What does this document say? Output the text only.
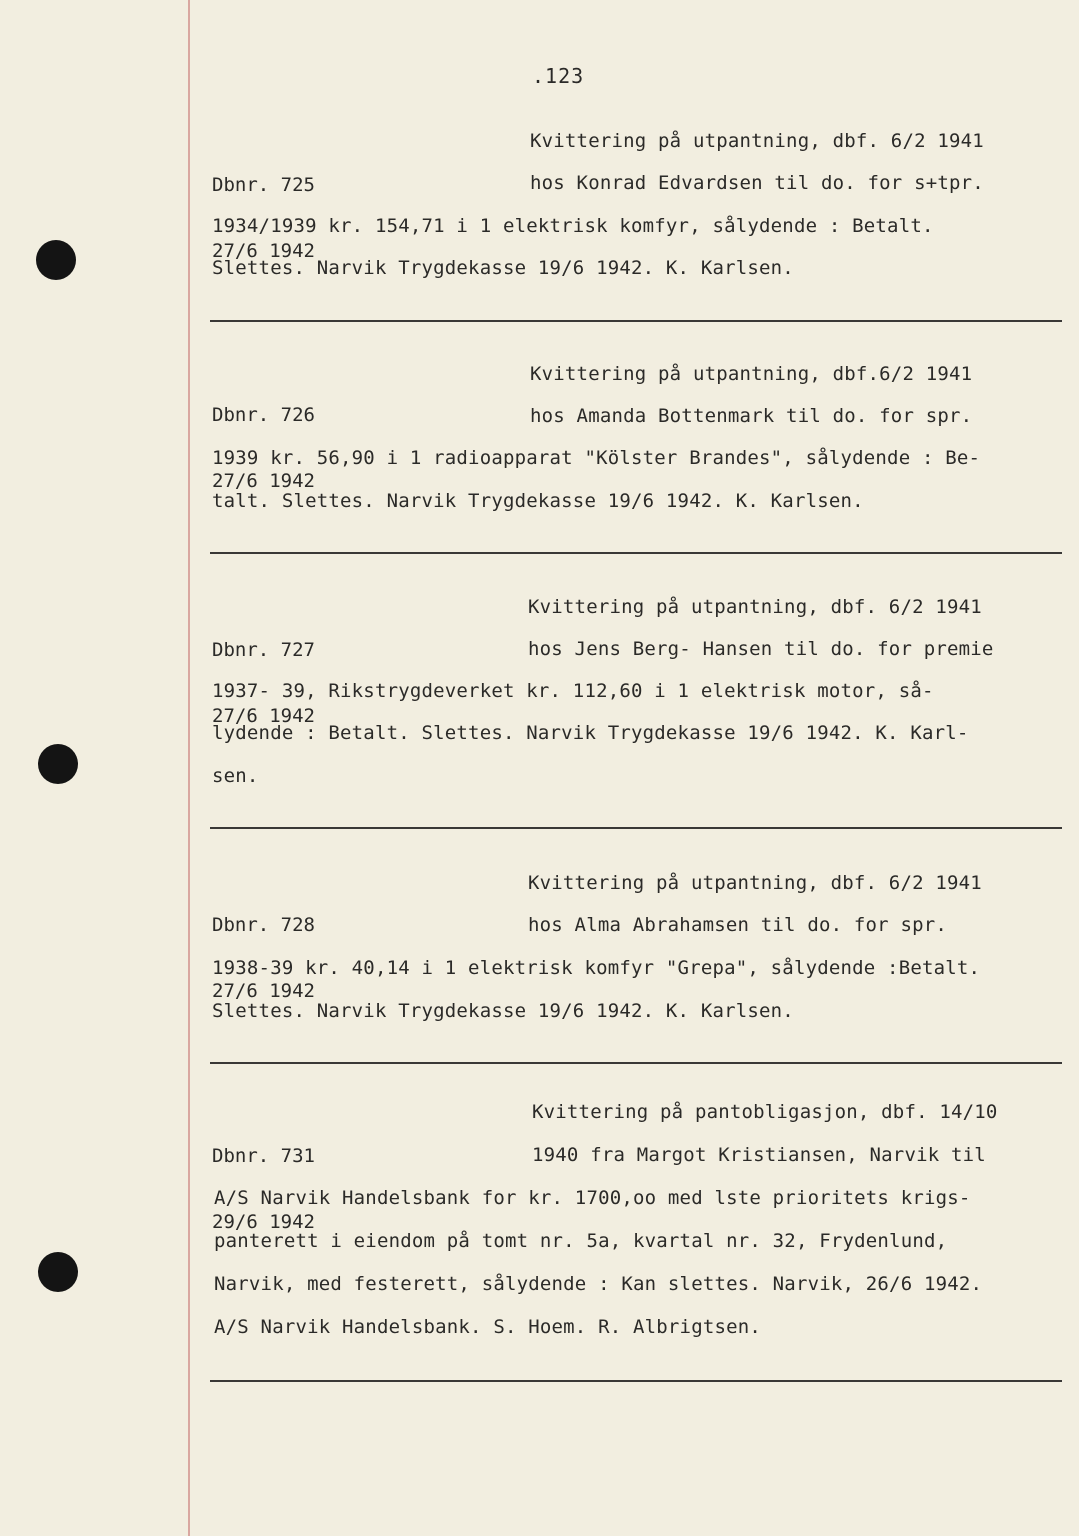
.123

Dbnr. 725

27/6 1942

Kvittering på utpantning, dbf. 6/2 1941
hos Konrad Edvardsen til do. for s+tpr.
1934/1939 kr. 154,71 i 1 elektrisk komfyr, sålydende : Betalt.
Slettes. Narvik Trygdekasse 19/6 1942. K. Karlsen.

Dbnr. 726

27/6 1942

Kvittering på utpantning, dbf.6/2 1941
hos Amanda Bottenmark til do. for spr.
1939 kr. 56,90 i 1 radioapparat "Kölster Brandes", sålydende : Be-
talt. Slettes. Narvik Trygdekasse 19/6 1942. K. Karlsen.

Dbnr. 727

27/6 1942

Kvittering på utpantning, dbf. 6/2 1941
hos Jens Berg- Hansen til do. for premie
1937- 39, Rikstrygdeverket kr. 112,60 i 1 elektrisk motor, så-
lydende : Betalt. Slettes. Narvik Trygdekasse 19/6 1942. K. Karl-
sen.

Dbnr. 728

27/6 1942

Kvittering på utpantning, dbf. 6/2 1941
hos Alma Abrahamsen til do. for spr.
1938-39 kr. 40,14 i 1 elektrisk komfyr "Grepa", sålydende :Betalt.
Slettes. Narvik Trygdekasse 19/6 1942. K. Karlsen.

Dbnr. 731

29/6 1942

Kvittering på pantobligasjon, dbf. 14/10
1940 fra Margot Kristiansen, Narvik til
A/S Narvik Handelsbank for kr. 1700,oo med lste prioritets krigs-
panterett i eiendom på tomt nr. 5a, kvartal nr. 32, Frydenlund,
Narvik, med festerett, sålydende : Kan slettes. Narvik, 26/6 1942.
A/S Narvik Handelsbank. S. Hoem. R. Albrigtsen.
